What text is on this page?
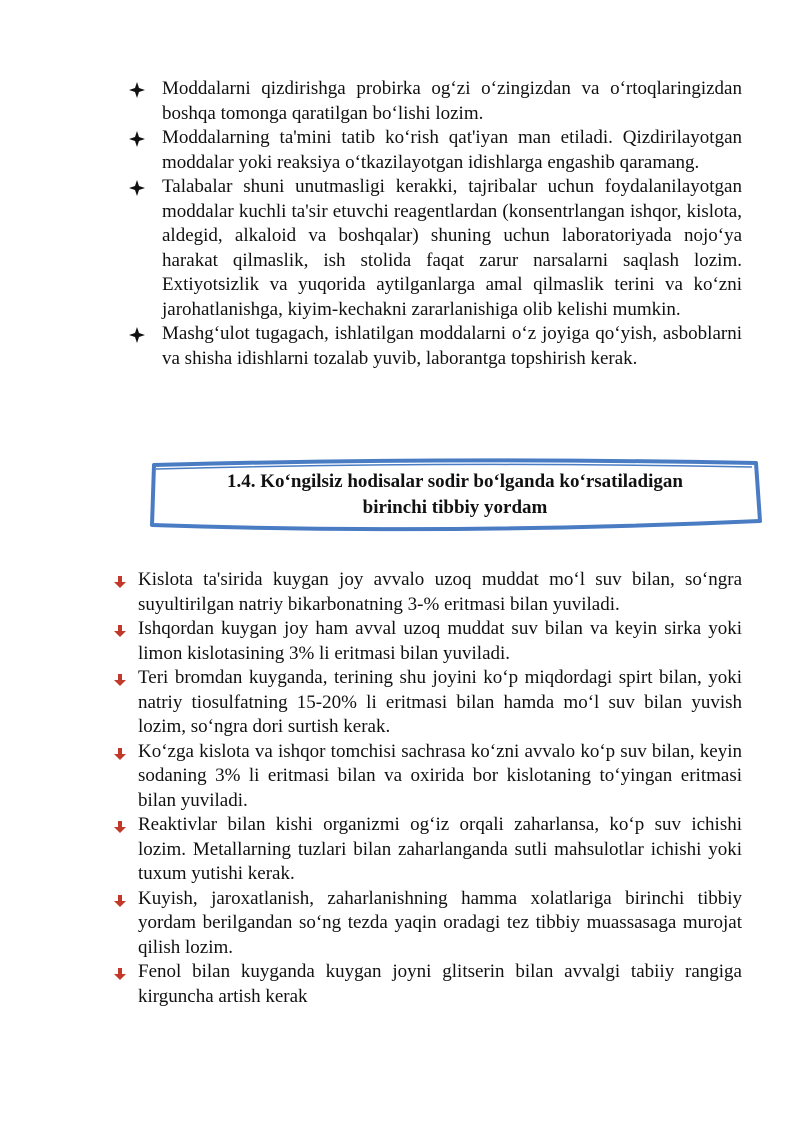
Moddalarni qizdirishga probirka og‘zi o‘zingizdan va o‘rtoqlaringizdan boshqa tomonga qaratilgan bo‘lishi lozim.
Moddalarning ta'mini tatib ko‘rish qat'iyan man etiladi. Qizdirilayotgan moddalar yoki reaksiya o‘tkazilayotgan idishlarga engashib qaramang.
Talabalar shuni unutmasligi kerakki, tajribalar uchun foydalanilayotgan moddalar kuchli ta'sir etuvchi reagentlardan (konsentrlangan ishqor, kislota, aldegid, alkaloid va boshqalar) shuning uchun laboratoriyada nojo‘ya harakat qilmaslik, ish stolida faqat zarur narsalarni saqlash lozim. Extiyotsizlik va yuqorida aytilganlarga amal qilmaslik terini va ko‘zni jarohatlanishga, kiyim-kechakni zararlanishiga olib kelishi mumkin.
Mashg‘ulot tugagach, ishlatilgan moddalarni o‘z joyiga qo‘yish, asboblarni va shisha idishlarni tozalab yuvib, laborantga topshirish kerak.
1.4. Ko‘ngilsiz hodisalar sodir bo‘lganda ko‘rsatiladigan
birinchi tibbiy yordam
Kislota ta'sirida kuygan joy avvalo uzoq muddat mo‘l suv bilan, so‘ngra suyultirilgan natriy bikarbonatning 3-% eritmasi bilan yuviladi.
Ishqordan kuygan joy ham avval uzoq muddat suv bilan va keyin sirka yoki limon kislotasining 3% li eritmasi bilan yuviladi.
Teri bromdan kuyganda, terining shu joyini ko‘p miqdordagi spirt bilan, yoki natriy tiosulfatning 15-20% li eritmasi bilan hamda mo‘l suv bilan yuvish lozim, so‘ngra dori surtish kerak.
Ko‘zga kislota va ishqor tomchisi sachrasa ko‘zni avvalo ko‘p suv bilan, keyin sodaning 3% li eritmasi bilan va oxirida bor kislotaning to‘yingan eritmasi bilan yuviladi.
Reaktivlar bilan kishi organizmi og‘iz orqali zaharlansa, ko‘p suv ichishi lozim. Metallarning tuzlari bilan zaharlanganda sutli mahsulotlar ichishi yoki tuxum yutishi kerak.
Kuyish, jaroxatlanish, zaharlanishning hamma xolatlariga birinchi tibbiy yordam berilgandan so‘ng tezda yaqin oradagi tez tibbiy muassasaga murojat qilish lozim.
Fenol bilan kuyganda kuygan joyni glitserin bilan avvalgi tabiiy rangiga kirguncha artish kerak
